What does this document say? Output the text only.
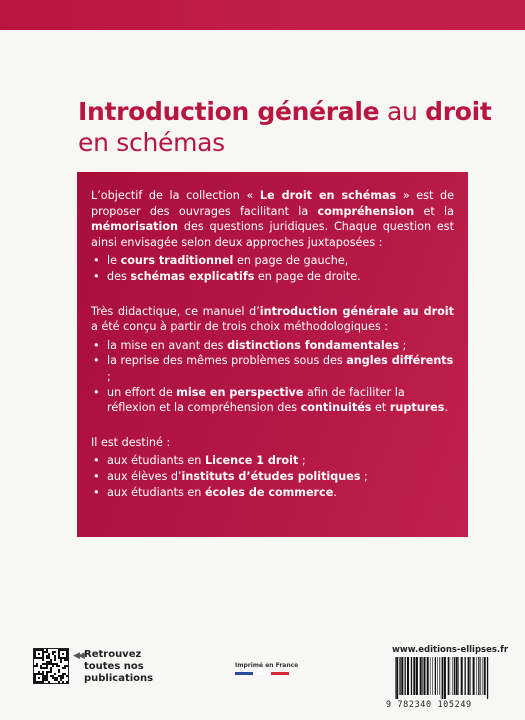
Introduction générale au droit
en schémas

L’objectif de la collection « Le droit en schémas » est de proposer des ouvrages facilitant la compréhension et la mémorisation des questions juridiques. Chaque question est ainsi envisagée selon deux approches juxtaposées :

• le cours traditionnel en page de gauche,
• des schémas explicatifs en page de droite.

Très didactique, ce manuel d’introduction générale au droit a été conçu à partir de trois choix méthodologiques :

• la mise en avant des distinctions fondamentales ;
• la reprise des mêmes problèmes sous des angles différents ;
• un effort de mise en perspective afin de faciliter la réflexion et la compréhension des continuités et ruptures.

Il est destiné :

• aux étudiants en Licence 1 droit ;
• aux élèves d’instituts d’études politiques ;
• aux étudiants en écoles de commerce.
◀◀ Retrouvez toutes nos publications
Imprimé en France
www.editions-ellipses.fr
9 782340 105249
